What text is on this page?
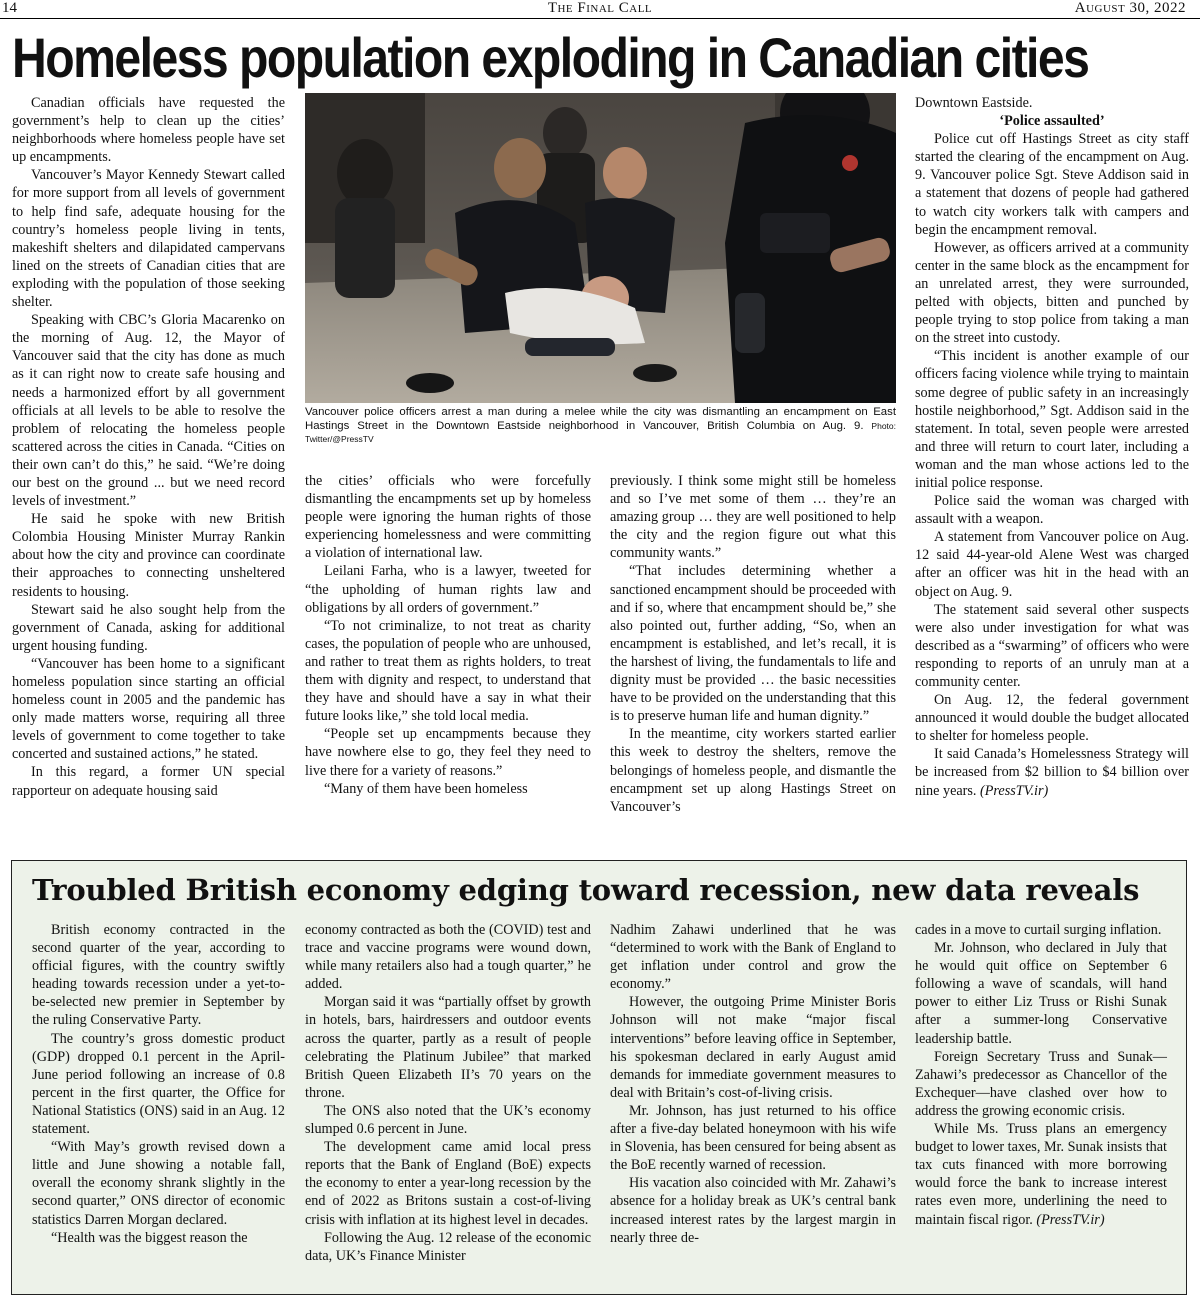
14	The Final Call	August 30, 2022
Homeless population exploding in Canadian cities

Canadian officials have requested the government’s help to clean up the cities’ neighborhoods where homeless people have set up encampments.

Vancouver’s Mayor Kennedy Stewart called for more support from all levels of government to help find safe, adequate housing for the country’s homeless people living in tents, makeshift shelters and dilapidated campervans lined on the streets of Canadian cities that are exploding with the population of those seeking shelter.

Speaking with CBC’s Gloria Macarenko on the morning of Aug. 12, the Mayor of Vancouver said that the city has done as much as it can right now to create safe housing and needs a harmonized effort by all government officials at all levels to be able to resolve the problem of relocating the homeless people scattered across the cities in Canada. “Cities on their own can’t do this,” he said. “We’re doing our best on the ground ... but we need record levels of investment.”

He said he spoke with new British Colombia Housing Minister Murray Rankin about how the city and province can coordinate their approaches to connecting unsheltered residents to housing.

Stewart said he also sought help from the government of Canada, asking for additional urgent housing funding.

“Vancouver has been home to a significant homeless population since starting an official homeless count in 2005 and the pandemic has only made matters worse, requiring all three levels of government to come together to take concerted and sustained actions,” he stated.

In this regard, a former UN special rapporteur on adequate housing said

Vancouver police officers arrest a man during a melee while the city was dismantling an encampment on East Hastings Street in the Downtown Eastside neighborhood in Vancouver, British Columbia on Aug. 9. Photo: Twitter/@PressTV

the cities’ officials who were forcefully dismantling the encampments set up by homeless people were ignoring the human rights of those experiencing homelessness and were committing a violation of international law.

Leilani Farha, who is a lawyer, tweeted for “the upholding of human rights law and obligations by all orders of government.”

“To not criminalize, to not treat as charity cases, the population of people who are unhoused, and rather to treat them as rights holders, to treat them with dignity and respect, to understand that they have and should have a say in what their future looks like,” she told local media.

“People set up encampments because they have nowhere else to go, they feel they need to live there for a variety of reasons.”

“Many of them have been homeless

previously. I think some might still be homeless and so I’ve met some of them … they’re an amazing group … they are well positioned to help the city and the region figure out what this community wants.”

“That includes determining whether a sanctioned encampment should be proceeded with and if so, where that encampment should be,” she also pointed out, further adding, “So, when an encampment is established, and let’s recall, it is the harshest of living, the fundamentals to life and dignity must be provided … the basic necessities have to be provided on the understanding that this is to preserve human life and human dignity.”

In the meantime, city workers started earlier this week to destroy the shelters, remove the belongings of homeless people, and dismantle the encampment set up along Hastings Street on Vancouver’s

Downtown Eastside.

‘Police assaulted’

Police cut off Hastings Street as city staff started the clearing of the encampment on Aug. 9. Vancouver police Sgt. Steve Addison said in a statement that dozens of people had gathered to watch city workers talk with campers and begin the encampment removal.

However, as officers arrived at a community center in the same block as the encampment for an unrelated arrest, they were surrounded, pelted with objects, bitten and punched by people trying to stop police from taking a man on the street into custody.

“This incident is another example of our officers facing violence while trying to maintain some degree of public safety in an increasingly hostile neighborhood,” Sgt. Addison said in the statement. In total, seven people were arrested and three will return to court later, including a woman and the man whose actions led to the initial police response.

Police said the woman was charged with assault with a weapon.

A statement from Vancouver police on Aug. 12 said 44-year-old Alene West was charged after an officer was hit in the head with an object on Aug. 9.

The statement said several other suspects were also under investigation for what was described as a “swarming” of officers who were responding to reports of an unruly man at a community center.

On Aug. 12, the federal government announced it would double the budget allocated to shelter for homeless people.

It said Canada’s Homelessness Strategy will be increased from $2 billion to $4 billion over nine years. (PressTV.ir)

Troubled British economy edging toward recession, new data reveals

British economy contracted in the second quarter of the year, according to official figures, with the country swiftly heading towards recession under a yet-to-be-selected new premier in September by the ruling Conservative Party.

The country’s gross domestic product (GDP) dropped 0.1 percent in the April-June period following an increase of 0.8 percent in the first quarter, the Office for National Statistics (ONS) said in an Aug. 12 statement.

“With May’s growth revised down a little and June showing a notable fall, overall the economy shrank slightly in the second quarter,” ONS director of economic statistics Darren Morgan declared.

“Health was the biggest reason the

economy contracted as both the (COVID) test and trace and vaccine programs were wound down, while many retailers also had a tough quarter,” he added.

Morgan said it was “partially offset by growth in hotels, bars, hairdressers and outdoor events across the quarter, partly as a result of people celebrating the Platinum Jubilee” that marked British Queen Elizabeth II’s 70 years on the throne.

The ONS also noted that the UK’s economy slumped 0.6 percent in June.

The development came amid local press reports that the Bank of England (BoE) expects the economy to enter a year-long recession by the end of 2022 as Britons sustain a cost-of-living crisis with inflation at its highest level in decades.

Following the Aug. 12 release of the economic data, UK’s Finance Minister

Nadhim Zahawi underlined that he was “determined to work with the Bank of England to get inflation under control and grow the economy.”

However, the outgoing Prime Minister Boris Johnson will not make “major fiscal interventions” before leaving office in September, his spokesman declared in early August amid demands for immediate government measures to deal with Britain’s cost-of-living crisis.

Mr. Johnson, has just returned to his office after a five-day belated honeymoon with his wife in Slovenia, has been censured for being absent as the BoE recently warned of recession.

His vacation also coincided with Mr. Zahawi’s absence for a holiday break as UK’s central bank increased interest rates by the largest margin in nearly three de-

cades in a move to curtail surging inflation.

Mr. Johnson, who declared in July that he would quit office on September 6 following a wave of scandals, will hand power to either Liz Truss or Rishi Sunak after a summer-long Conservative leadership battle.

Foreign Secretary Truss and Sunak—Zahawi’s predecessor as Chancellor of the Exchequer—have clashed over how to address the growing economic crisis.

While Ms. Truss plans an emergency budget to lower taxes, Mr. Sunak insists that tax cuts financed with more borrowing would force the bank to increase interest rates even more, underlining the need to maintain fiscal rigor. (PressTV.ir)
